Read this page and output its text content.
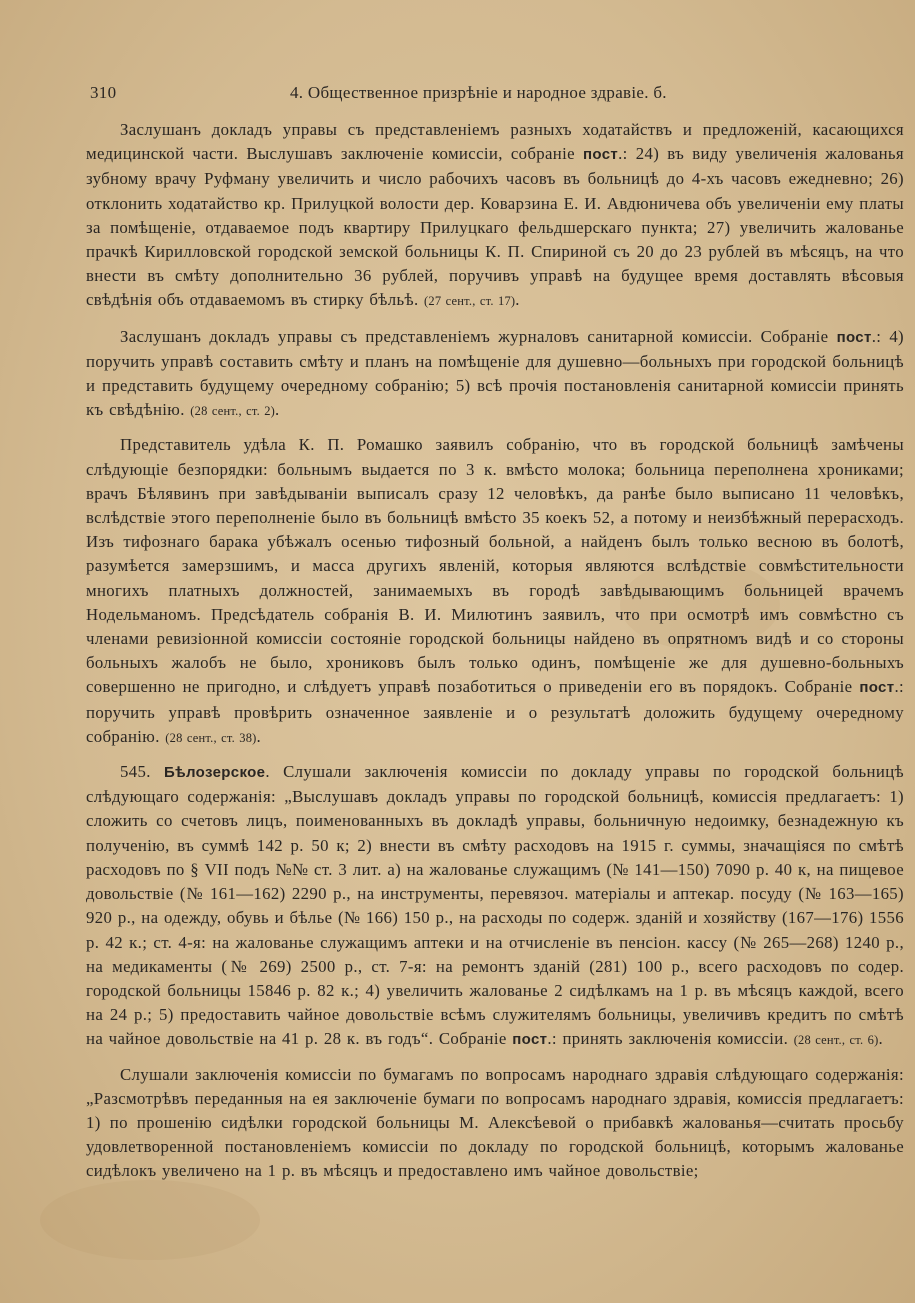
310	4. Общественное призрѣніе и народное здравіе. б.

Заслушанъ докладъ управы съ представленіемъ разныхъ ходатайствъ и предложеній, касающихся медицинской части. Выслушавъ заключеніе комиссіи, собраніе пост.: 24) въ виду увеличенія жалованья зубному врачу Руфману увеличить и число рабочихъ часовъ въ больницѣ до 4-хъ часовъ ежедневно; 26) отклонить ходатайство кр. Прилуцкой волости дер. Коварзина Е. И. Авдюничева объ увеличеніи ему платы за помѣщеніе, отдаваемое подъ квартиру Прилуцкаго фельдшерскаго пункта; 27) увеличить жалованье прачкѣ Кирилловской городской земской больницы К. П. Спириной съ 20 до 23 рублей въ мѣсяцъ, на что внести въ смѣту дополнительно 36 рублей, поручивъ управѣ на будущее время доставлять вѣсовыя свѣдѣнія объ отдаваемомъ въ стирку бѣльѣ. (27 сент., ст. 17).

Заслушанъ докладъ управы съ представленіемъ журналовъ санитарной комиссіи. Собраніе пост.: 4) поручить управѣ составить смѣту и планъ на помѣщеніе для душевно—больныхъ при городской больницѣ и представить будущему очередному собранію; 5) всѣ прочія постановленія санитарной комиссіи принять къ свѣдѣнію. (28 сент., ст. 2).

Представитель удѣла К. П. Ромашко заявилъ собранію, что въ городской больницѣ замѣчены слѣдующіе безпорядки: больнымъ выдается по 3 к. вмѣсто молока; больница переполнена хрониками; врачъ Бѣлявинъ при завѣдываніи выписалъ сразу 12 человѣкъ, да ранѣе было выписано 11 человѣкъ, вслѣдствіе этого переполненіе было въ больницѣ вмѣсто 35 коекъ 52, а потому и неизбѣжный перерасходъ. Изъ тифознаго барака убѣжалъ осенью тифозный больной, а найденъ былъ только весною въ болотѣ, разумѣется замерзшимъ, и масса другихъ явленій, которыя являются вслѣдствіе совмѣстительности многихъ платныхъ должностей, занимаемыхъ въ городѣ завѣдывающимъ больницей врачемъ Нодельманомъ. Предсѣдатель собранія В. И. Милютинъ заявилъ, что при осмотрѣ имъ совмѣстно съ членами ревизіонной комиссіи состояніе городской больницы найдено въ опрятномъ видѣ и со стороны больныхъ жалобъ не было, хрониковъ былъ только одинъ, помѣщеніе же для душевно-больныхъ совершенно не пригодно, и слѣдуетъ управѣ позаботиться о приведеніи его въ порядокъ. Собраніе пост.: поручить управѣ провѣрить означенное заявленіе и о результатѣ доложить будущему очередному собранію. (28 сент., ст. 38).

545. Бѣлозерское. Слушали заключенія комиссіи по докладу управы по городской больницѣ слѣдующаго содержанія: „Выслушавъ докладъ управы по городской больницѣ, комиссія предлагаетъ: 1) сложить со счетовъ лицъ, поименованныхъ въ докладѣ управы, больничную недоимку, безнадежную къ полученію, въ суммѣ 142 р. 50 к; 2) внести въ смѣту расходовъ на 1915 г. суммы, значащіяся по смѣтѣ расходовъ по § VII подъ №№ ст. 3 лит. а) на жалованье служащимъ (№ 141—150) 7090 р. 40 к, на пищевое довольствіе (№ 161—162) 2290 р., на инструменты, перевязоч. матеріалы и аптекар. посуду (№ 163—165) 920 р., на одежду, обувь и бѣлье (№ 166) 150 р., на расходы по содерж. зданій и хозяйству (167—176) 1556 р. 42 к.; ст. 4-я: на жалованье служащимъ аптеки и на отчисленіе въ пенсіон. кассу (№ 265—268) 1240 р., на медикаменты (№ 269) 2500 р., ст. 7-я: на ремонтъ зданій (281) 100 р., всего расходовъ по содер. городской больницы 15846 р. 82 к.; 4) увеличить жалованье 2 сидѣлкамъ на 1 р. въ мѣсяцъ каждой, всего на 24 р.; 5) предоставить чайное довольствіе всѣмъ служителямъ больницы, увеличивъ кредитъ по смѣтѣ на чайное довольствіе на 41 р. 28 к. въ годъ“. Собраніе пост.: принять заключенія комиссіи. (28 сент., ст. 6).

Слушали заключенія комиссіи по бумагамъ по вопросамъ народнаго здравія слѣдующаго содержанія: „Разсмотрѣвъ переданныя на ея заключеніе бумаги по вопросамъ народнаго здравія, комиссія предлагаетъ: 1) по прошенію сидѣлки городской больницы М. Алексѣевой о прибавкѣ жалованья—считать просьбу удовлетворенной постановленіемъ комиссіи по докладу по городской больницѣ, которымъ жалованье сидѣлокъ увеличено на 1 р. въ мѣсяцъ и предоставлено имъ чайное довольствіе;
